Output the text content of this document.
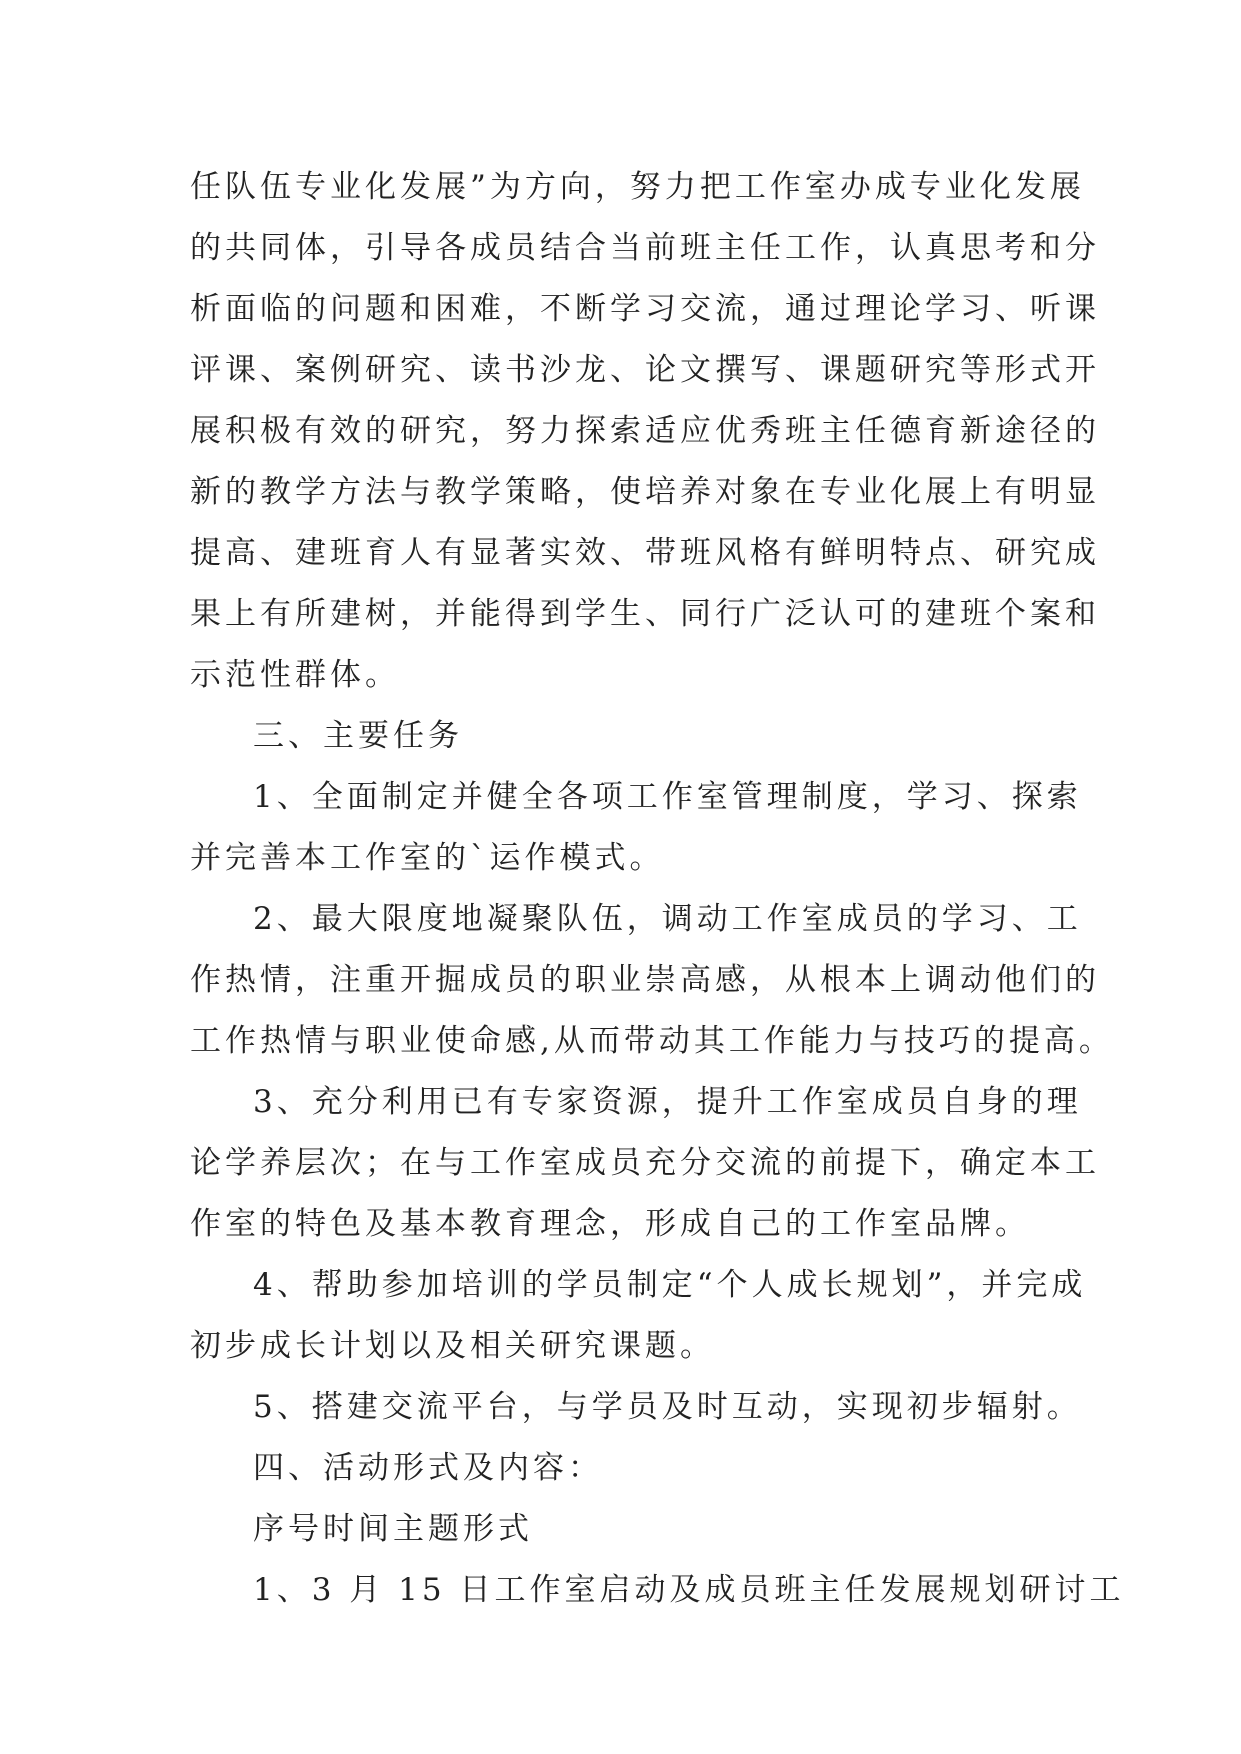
任队伍专业化发展”为方向，努力把工作室办成专业化发展
的共同体，引导各成员结合当前班主任工作，认真思考和分
析面临的问题和困难，不断学习交流，通过理论学习、听课
评课、案例研究、读书沙龙、论文撰写、课题研究等形式开
展积极有效的研究，努力探索适应优秀班主任德育新途径的
新的教学方法与教学策略，使培养对象在专业化展上有明显
提高、建班育人有显著实效、带班风格有鲜明特点、研究成
果上有所建树，并能得到学生、同行广泛认可的建班个案和
示范性群体。
三、主要任务
1、全面制定并健全各项工作室管理制度，学习、探索
并完善本工作室的`运作模式。
2、最大限度地凝聚队伍，调动工作室成员的学习、工
作热情，注重开掘成员的职业崇高感，从根本上调动他们的
工作热情与职业使命感,从而带动其工作能力与技巧的提高。
3、充分利用已有专家资源，提升工作室成员自身的理
论学养层次；在与工作室成员充分交流的前提下，确定本工
作室的特色及基本教育理念，形成自己的工作室品牌。
4、帮助参加培训的学员制定“个人成长规划”，并完成
初步成长计划以及相关研究课题。
5、搭建交流平台，与学员及时互动，实现初步辐射。
四、活动形式及内容：
序号时间主题形式
1、3 月 15 日工作室启动及成员班主任发展规划研讨工
